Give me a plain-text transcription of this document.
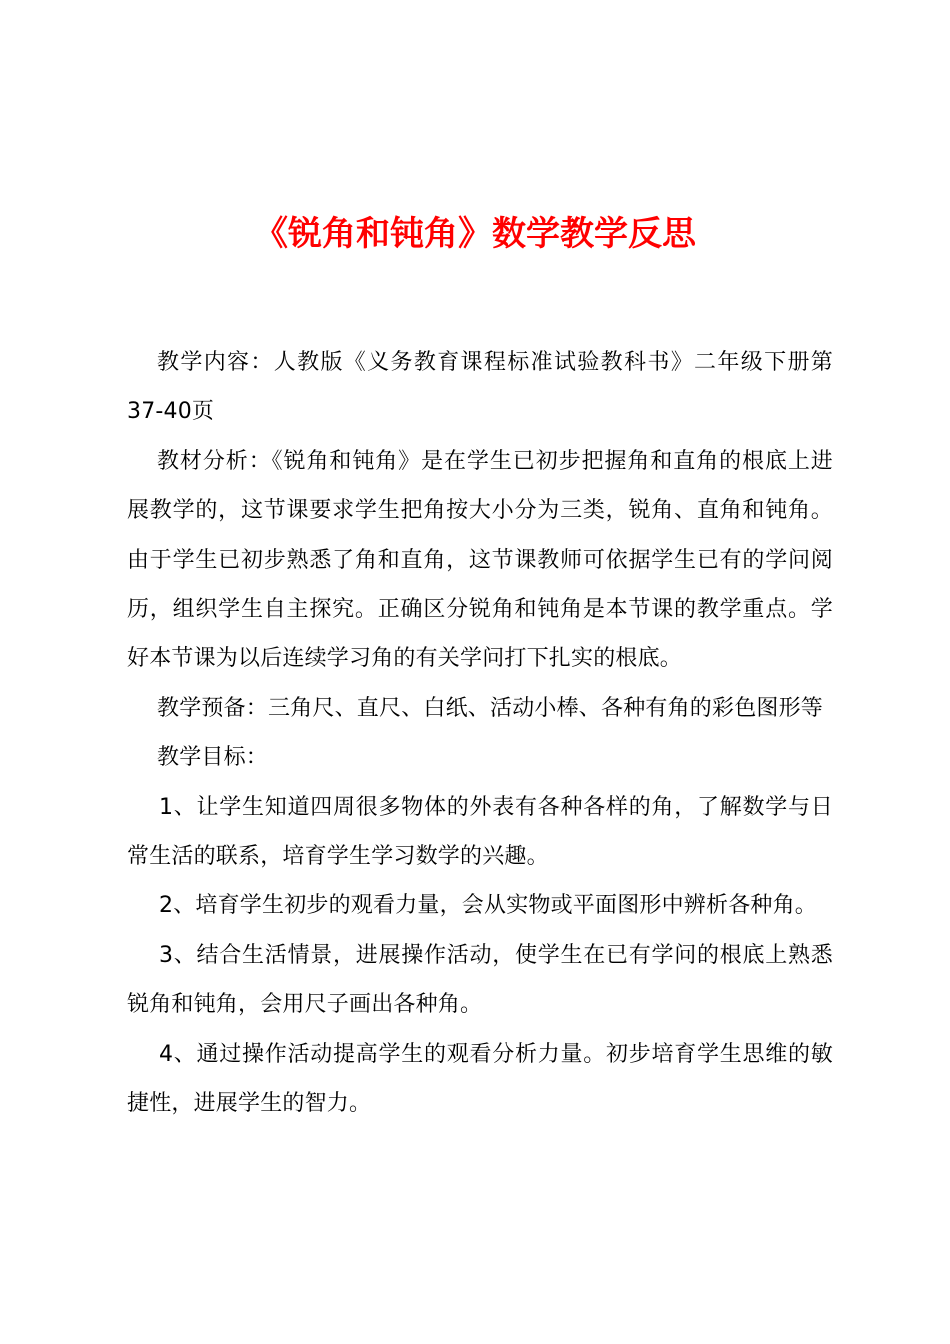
《锐角和钝角》数学教学反思

教学内容：人教版《义务教育课程标准试验教科书》二年级下册第37-40页

教材分析：《锐角和钝角》是在学生已初步把握角和直角的根底上进展教学的，这节课要求学生把角按大小分为三类，锐角、直角和钝角。由于学生已初步熟悉了角和直角，这节课教师可依据学生已有的学问阅历，组织学生自主探究。正确区分锐角和钝角是本节课的教学重点。学好本节课为以后连续学习角的有关学问打下扎实的根底。

教学预备：三角尺、直尺、白纸、活动小棒、各种有角的彩色图形等

教学目标：

1、让学生知道四周很多物体的外表有各种各样的角，了解数学与日常生活的联系，培育学生学习数学的兴趣。

2、培育学生初步的观看力量，会从实物或平面图形中辨析各种角。

3、结合生活情景，进展操作活动，使学生在已有学问的根底上熟悉锐角和钝角，会用尺子画出各种角。

4、通过操作活动提高学生的观看分析力量。初步培育学生思维的敏捷性，进展学生的智力。
